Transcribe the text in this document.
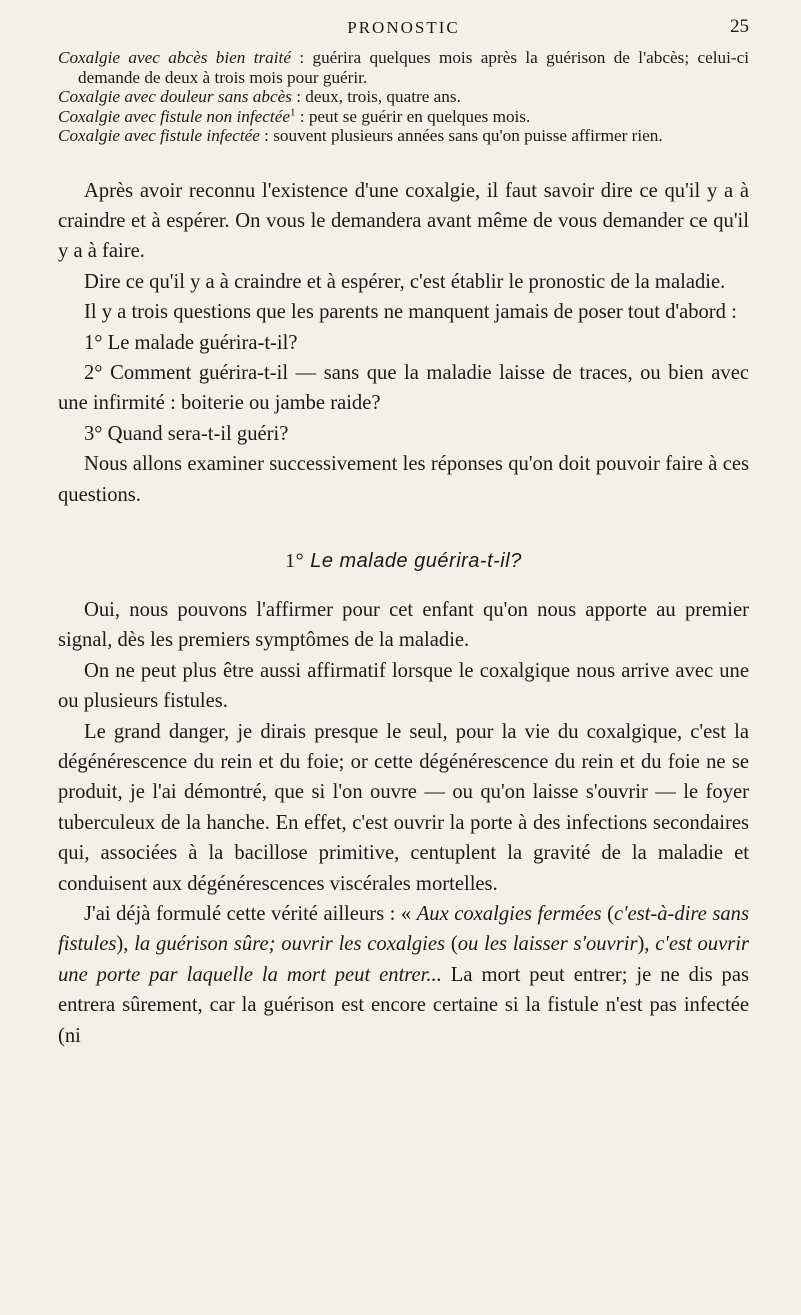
PRONOSTIC	25

Coxalgie avec abcès bien traité : guérira quelques mois après la guérison de l'abcès; celui-ci demande de deux à trois mois pour guérir.

Coxalgie avec douleur sans abcès : deux, trois, quatre ans.

Coxalgie avec fistule non infectée$^1$ : peut se guérir en quelques mois.

Coxalgie avec fistule infectée : souvent plusieurs années sans qu'on puisse affirmer rien.

Après avoir reconnu l'existence d'une coxalgie, il faut savoir dire ce qu'il y a à craindre et à espérer. On vous le demandera avant même de vous demander ce qu'il y a à faire.

Dire ce qu'il y a à craindre et à espérer, c'est établir le pronostic de la maladie.

Il y a trois questions que les parents ne manquent jamais de poser tout d'abord :

1° Le malade guérira-t-il?

2° Comment guérira-t-il — sans que la maladie laisse de traces, ou bien avec une infirmité : boiterie ou jambe raide?

3° Quand sera-t-il guéri?

Nous allons examiner successivement les réponses qu'on doit pouvoir faire à ces questions.

1° Le malade guérira-t-il?

Oui, nous pouvons l'affirmer pour cet enfant qu'on nous apporte au premier signal, dès les premiers symptômes de la maladie.

On ne peut plus être aussi affirmatif lorsque le coxalgique nous arrive avec une ou plusieurs fistules.

Le grand danger, je dirais presque le seul, pour la vie du coxalgique, c'est la dégénérescence du rein et du foie; or cette dégénérescence du rein et du foie ne se produit, je l'ai démontré, que si l'on ouvre — ou qu'on laisse s'ouvrir — le foyer tuberculeux de la hanche. En effet, c'est ouvrir la porte à des infections secondaires qui, associées à la bacillose primitive, centuplent la gravité de la maladie et conduisent aux dégénérescences viscérales mortelles.

J'ai déjà formulé cette vérité ailleurs : « Aux coxalgies fermées (c'est-à-dire sans fistules), la guérison sûre; ouvrir les coxalgies (ou les laisser s'ouvrir), c'est ouvrir une porte par laquelle la mort peut entrer... La mort peut entrer; je ne dis pas entrera sûrement, car la guérison est encore certaine si la fistule n'est pas infectée (ni
